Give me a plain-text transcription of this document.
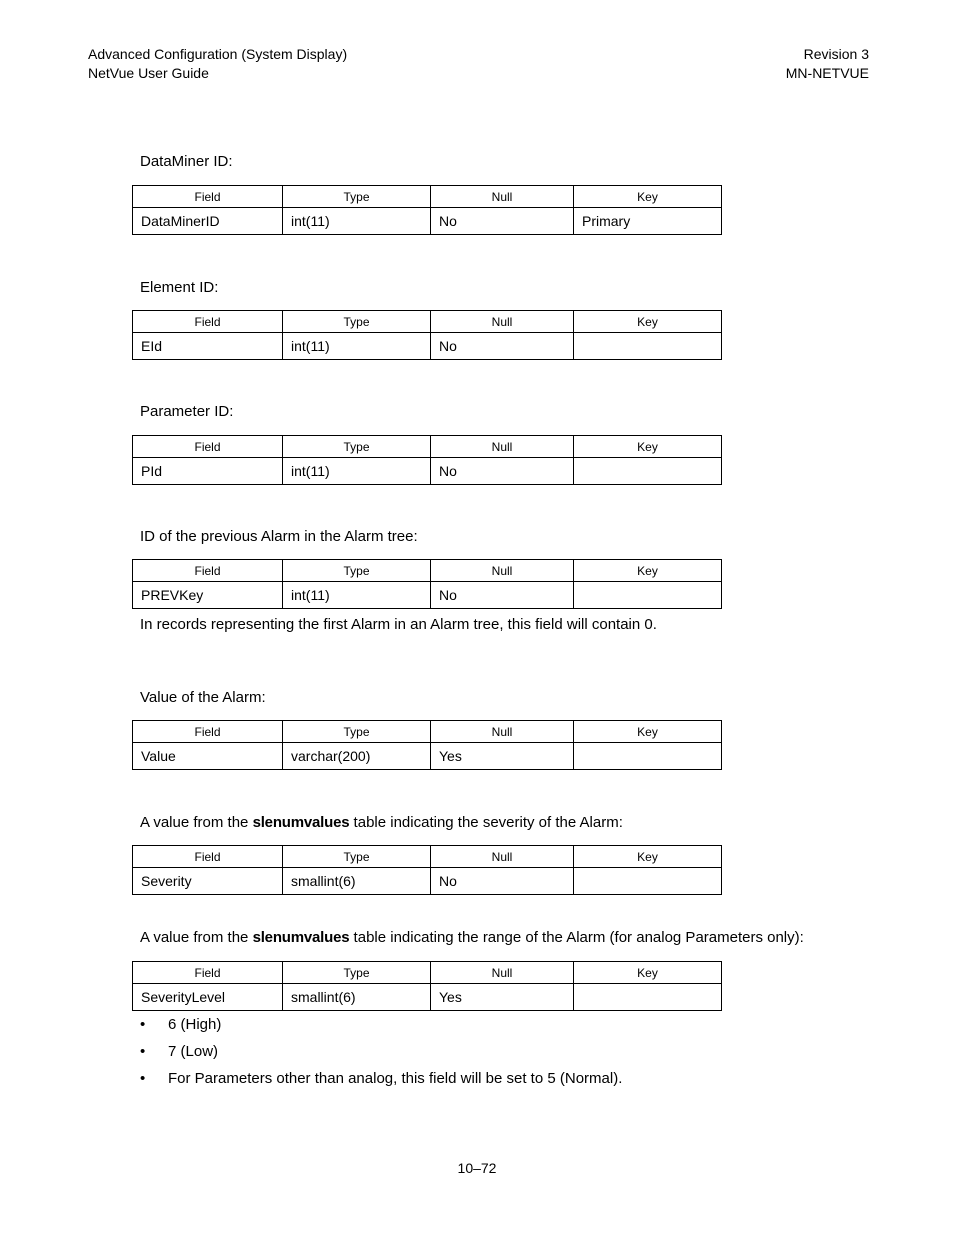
Advanced Configuration (System Display)
NetVue User Guide
Revision 3
MN-NETVUE
DataMiner ID:
Field	Type	Null	Key
DataMinerID	int(11)	No	Primary
Element ID:
Field	Type	Null	Key
EId	int(11)	No	
Parameter ID:
Field	Type	Null	Key
PId	int(11)	No	
ID of the previous Alarm in the Alarm tree:
Field	Type	Null	Key
PREVKey	int(11)	No	
In records representing the first Alarm in an Alarm tree, this field will contain 0.
Value of the Alarm:
Field	Type	Null	Key
Value	varchar(200)	Yes	
A value from the slenumvalues table indicating the severity of the Alarm:
Field	Type	Null	Key
Severity	smallint(6)	No	
A value from the slenumvalues table indicating the range of the Alarm (for analog Parameters only):
Field	Type	Null	Key
SeverityLevel	smallint(6)	Yes	
• 6 (High)
• 7 (Low)
• For Parameters other than analog, this field will be set to 5 (Normal).
10–72
